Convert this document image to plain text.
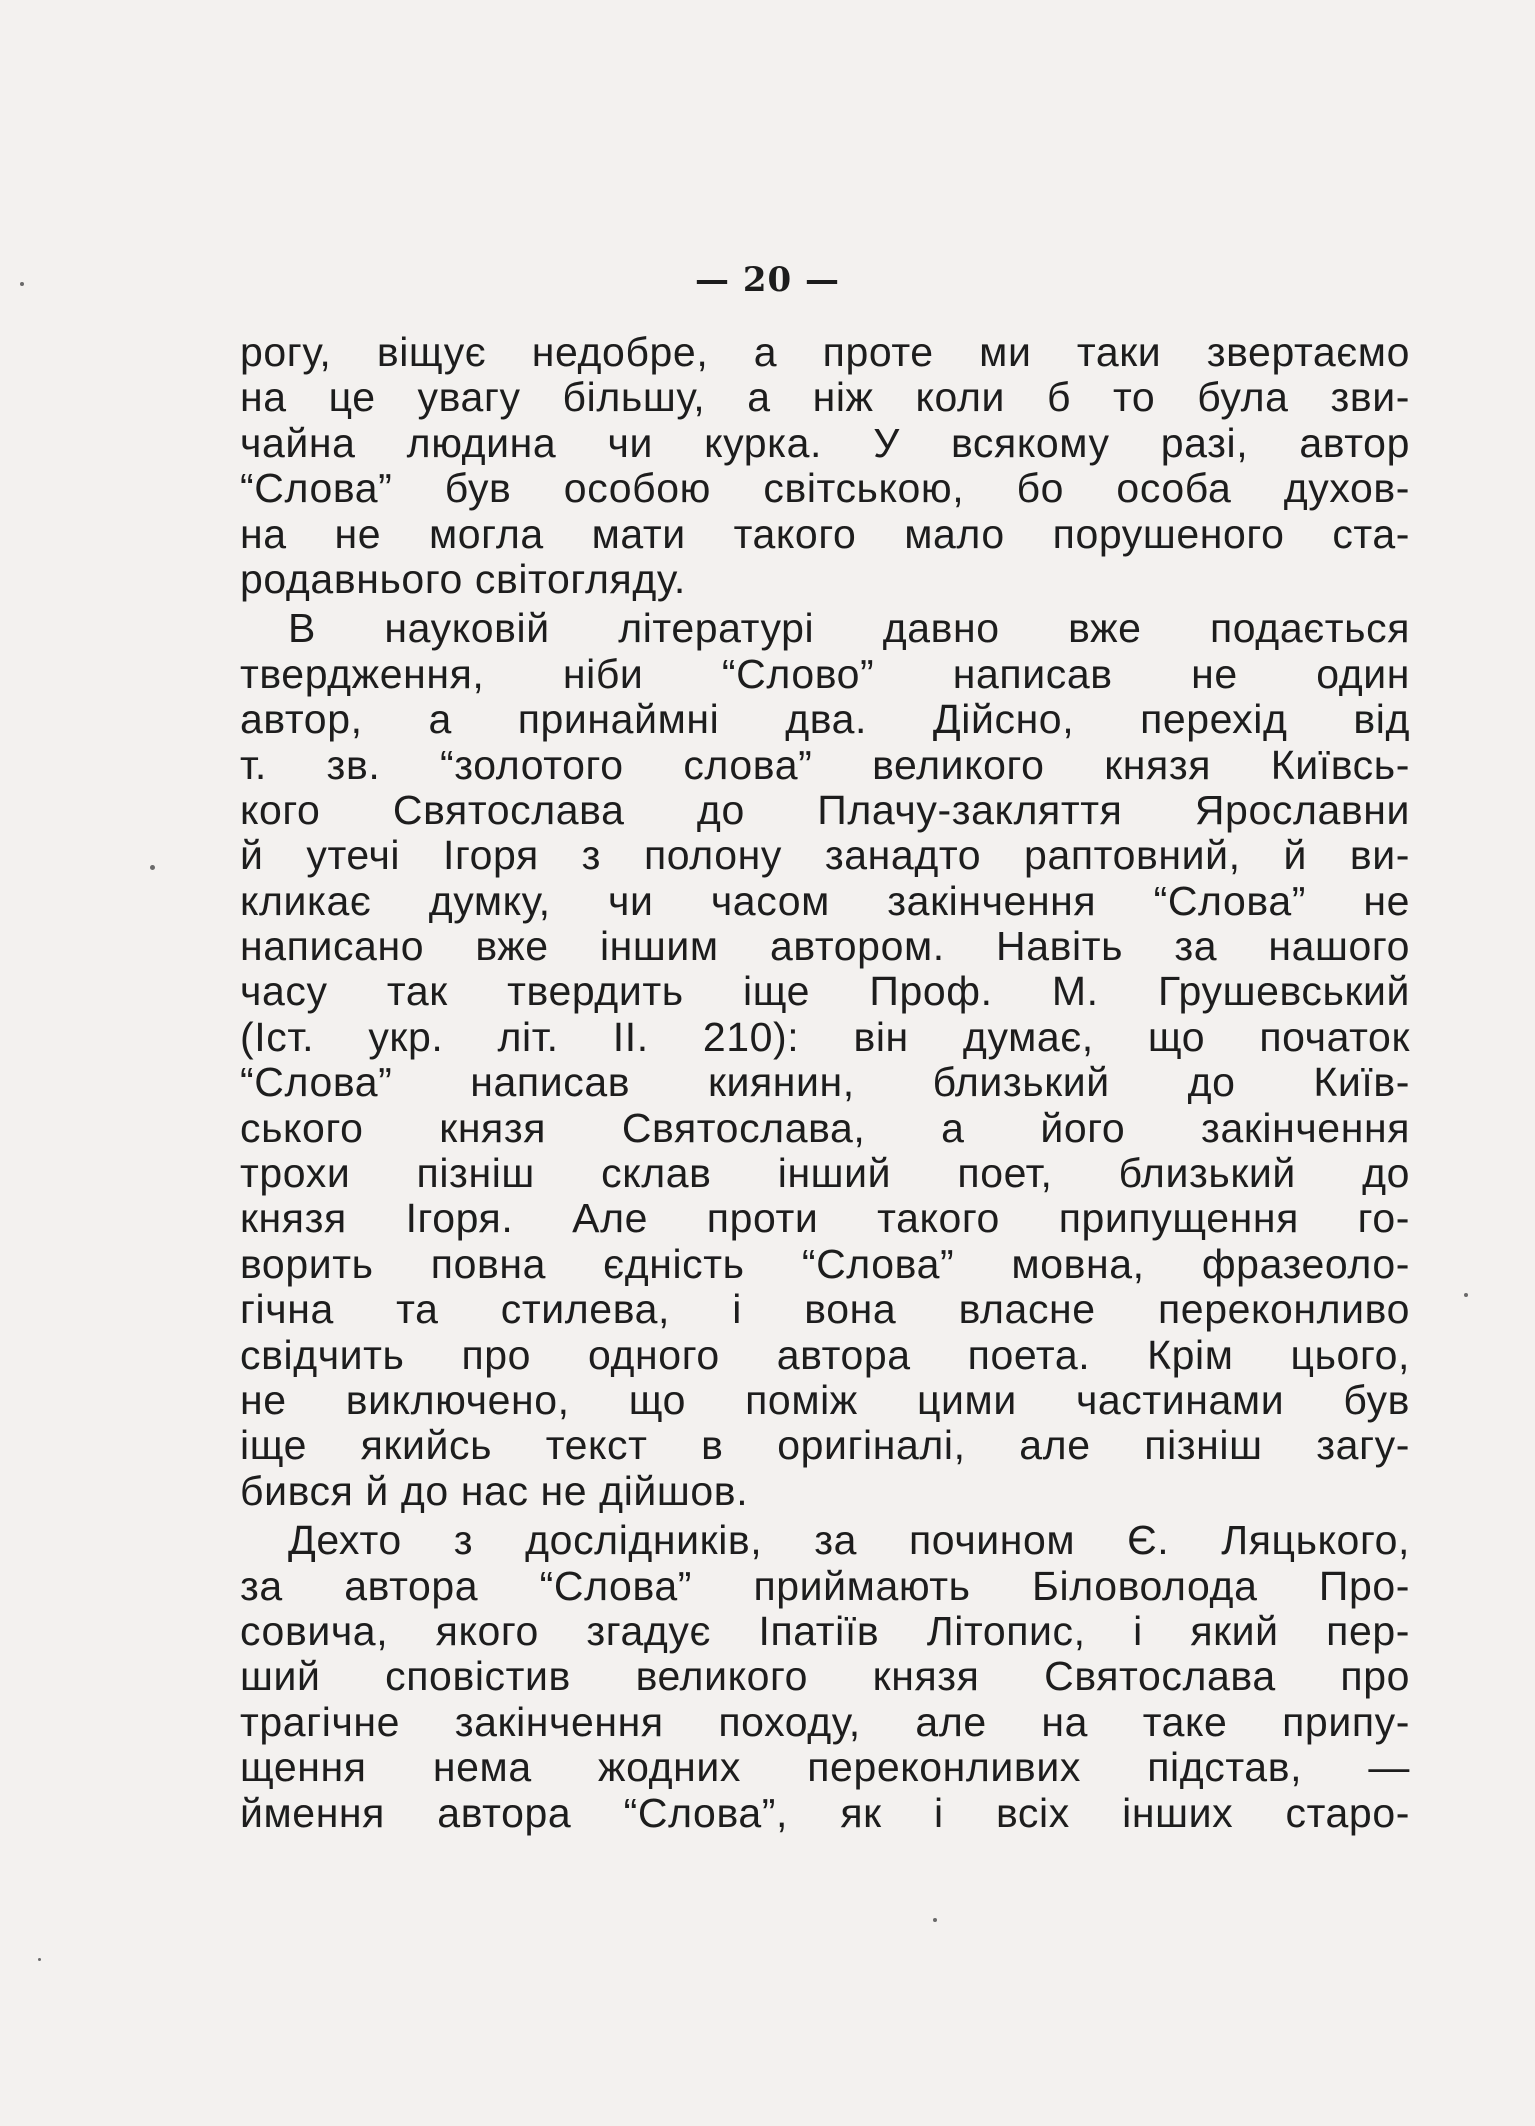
— 20 —
рогу, віщує недобре, а проте ми таки звертаємо
на це увагу більшу, а ніж коли б то була зви-
чайна людина чи курка. У всякому разі, автор
“Слова” був особою світською, бо особа духов-
на не могла мати такого мало порушеного ста-
родавнього світогляду.
В науковій літературі давно вже подається
твердження, ніби “Слово” написав не один
автор, а принаймні два. Дійсно, перехід від
т. зв. “золотого слова” великого князя Київсь-
кого Святослава до Плачу-закляття Ярославни
й утечі Ігоря з полону занадто раптовний, й ви-
кликає думку, чи часом закінчення “Слова” не
написано вже іншим автором. Навіть за нашого
часу так твердить іще Проф. М. Грушевський
(Іст. укр. літ. II. 210): він думає, що початок
“Слова” написав киянин, близький до Київ-
ського князя Святослава, а його закінчення
трохи пізніш склав інший поет, близький до
князя Ігоря. Але проти такого припущення го-
ворить повна єдність “Слова” мовна, фразеоло-
гічна та стилева, і вона власне переконливо
свідчить про одного автора поета. Крім цього,
не виключено, що поміж цими частинами був
іще якийсь текст в оригіналі, але пізніш загу-
бився й до нас не дійшов.
Дехто з дослідників, за почином Є. Ляцького,
за автора “Слова” приймають Біловолода Про-
совича, якого згадує Іпатіїв Літопис, і який пер-
ший сповістив великого князя Святослава про
трагічне закінчення походу, але на таке припу-
щення нема жодних переконливих підстав, —
ймення автора “Слова”, як і всіх інших старо-
